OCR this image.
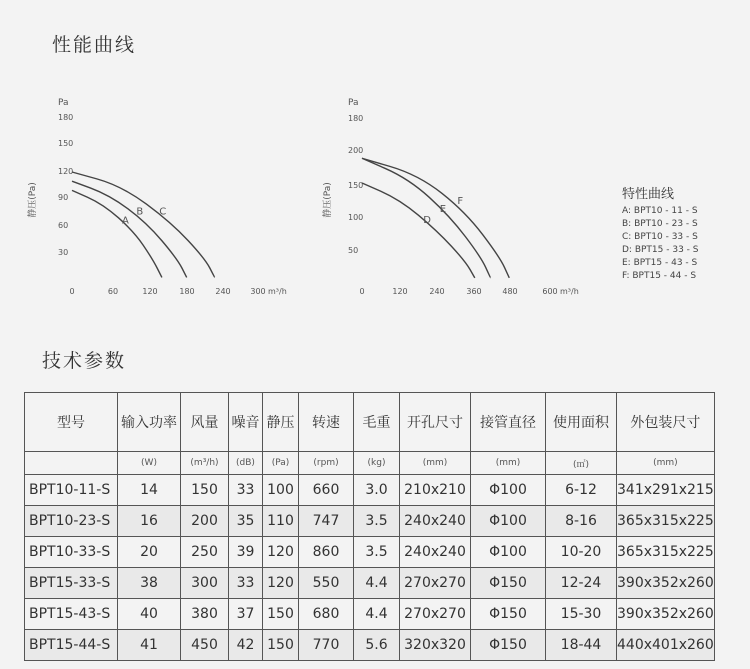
性能曲线
Pa
静压(Pa)
30
60
90
120
150
180
0	60	120	180	240 300 m³/h
A
B C
Pa
静压(Pa)
50
100
150
200
180
0	120	240	360	480	600 m³/h
D
E
F	特性曲线
A: BPT10 - 11 - S
B: BPT10 - 23 - S
C: BPT10 - 33 - S
D: BPT15 - 33 - S
E: BPT15 - 43 - S
F: BPT15 - 44 - S
技术参数
型号	输入功率	风量	噪音	静压	转速	毛重	开孔尺寸	接管直径	使用面积	外包装尺寸
	(W)	(m³/h)	(dB)	(Pa)	(rpm)	(kg)	(mm)	(mm)	(㎡)	(mm)
BPT10-11-S	14	150	33	100	660	3.0	210x210	Φ100	6-12	341x291x215
BPT10-23-S	16	200	35	110	747	3.5	240x240	Φ100	8-16	365x315x225
BPT10-33-S	20	250	39	120	860	3.5	240x240	Φ100	10-20	365x315x225
BPT15-33-S	38	300	33	120	550	4.4	270x270	Φ150	12-24	390x352x260
BPT15-43-S	40	380	37	150	680	4.4	270x270	Φ150	15-30	390x352x260
BPT15-44-S	41	450	42	150	770	5.6	320x320	Φ150	18-44	440x401x260
